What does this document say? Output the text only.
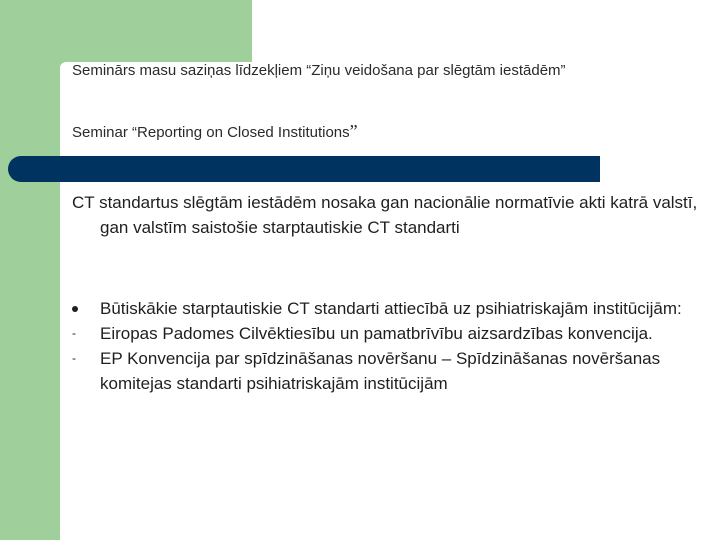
Seminārs masu saziņas līdzekļiem “Ziņu veidošana par slēgtām iestādēm”
Seminar “Reporting on Closed Institutions”
CT standartus slēgtām iestādēm nosaka gan nacionālie normatīvie akti katrā valstī, gan valstīm saistošie starptautiskie CT standarti
Būtiskākie starptautiskie CT standarti attiecībā uz psihiatriskajām institūcijām:
-	Eiropas Padomes Cilvēktiesību un pamatbrīvību aizsardzības konvencija.
-	EP Konvencija par spīdzināšanas novēršanu – Spīdzināšanas novēršanas komitejas standarti psihiatriskajām institūcijām
